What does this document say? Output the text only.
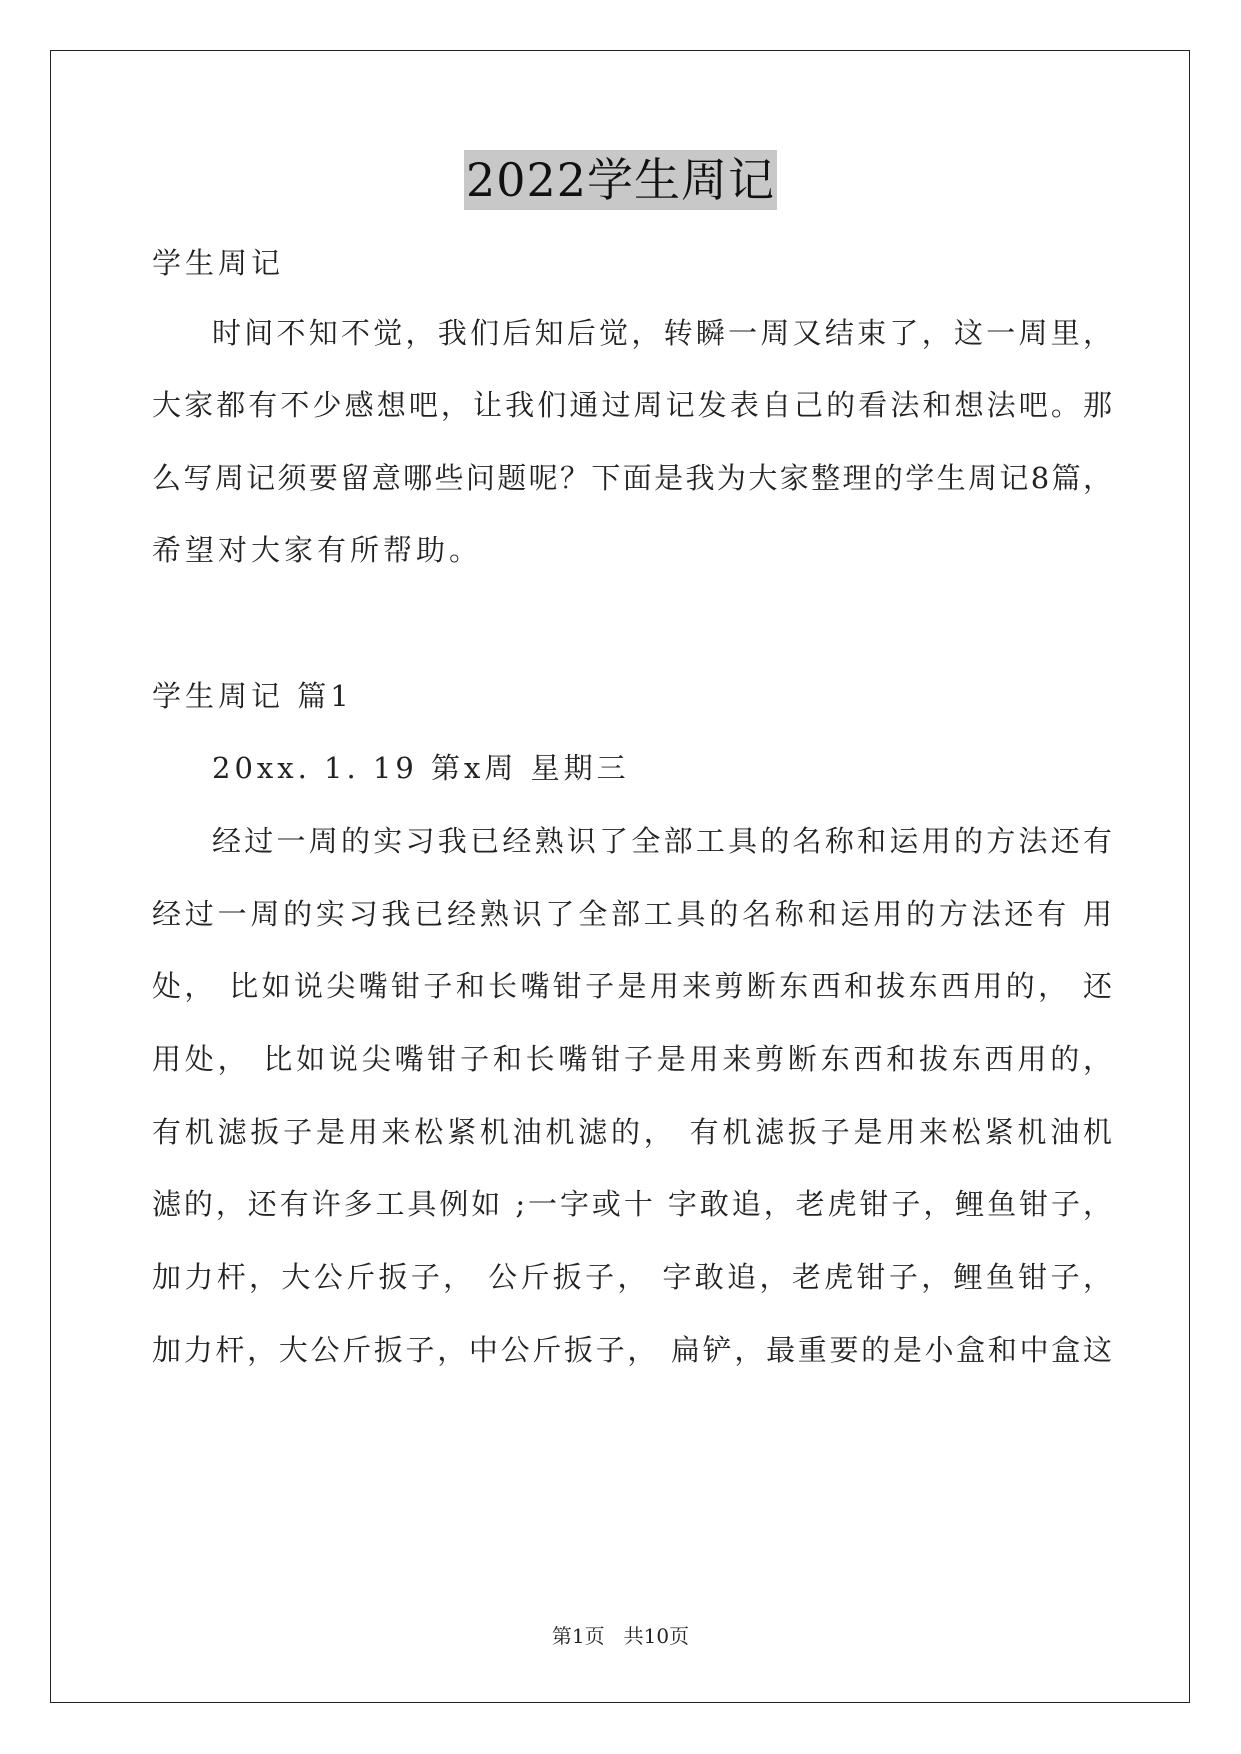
2022学生周记
学生周记
时间不知不觉，我们后知后觉，转瞬一周又结束了，这一周里，
大家都有不少感想吧，让我们通过周记发表自己的看法和想法吧。那
么写周记须要留意哪些问题呢？下面是我为大家整理的学生周记8篇，
希望对大家有所帮助。
学生周记 篇1
20xx. 1. 19 第x周 星期三
经过一周的实习我已经熟识了全部工具的名称和运用的方法还有
经过一周的实习我已经熟识了全部工具的名称和运用的方法还有 用
处， 比如说尖嘴钳子和长嘴钳子是用来剪断东西和拔东西用的， 还
用处， 比如说尖嘴钳子和长嘴钳子是用来剪断东西和拔东西用的，
有机滤扳子是用来松紧机油机滤的， 有机滤扳子是用来松紧机油机
滤的，还有许多工具例如 ;一字或十 字敢追，老虎钳子，鲤鱼钳子，
加力杆，大公斤扳子， 公斤扳子， 字敢追，老虎钳子，鲤鱼钳子，
加力杆，大公斤扳子，中公斤扳子， 扁铲，最重要的是小盒和中盒这
第1页   共10页
